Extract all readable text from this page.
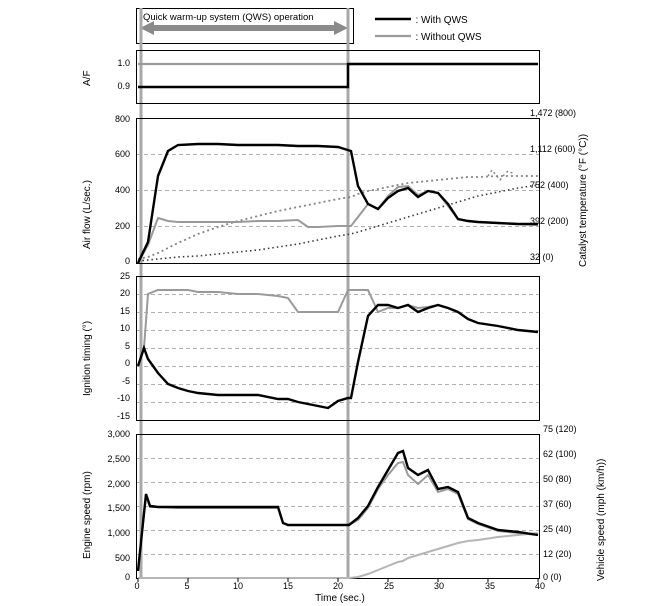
Quick warm-up system (QWS) operation	: With QWS
: Without QWS
A/F
1.0
0.9
Air flow (L/sec.)	Catalyst temperature (°F (°C))
800
600
400
200
0
1,472 (800)
1,112 (600)
752 (400)
392 (200)
32 (0)
Ignition timing (°)
25
20
15
10
5
0
-5
-10
-15
Engine speed (rpm)	Vehicle speed (mph (km/h))
3,000
2,500
2,000
1,500
1,000
500
0
75 (120)
62 (100)
50 (80)
37 (60)
25 (40)
12 (20)
0 (0)
0	5	10	15	20	25	30	35	40
Time (sec.)
